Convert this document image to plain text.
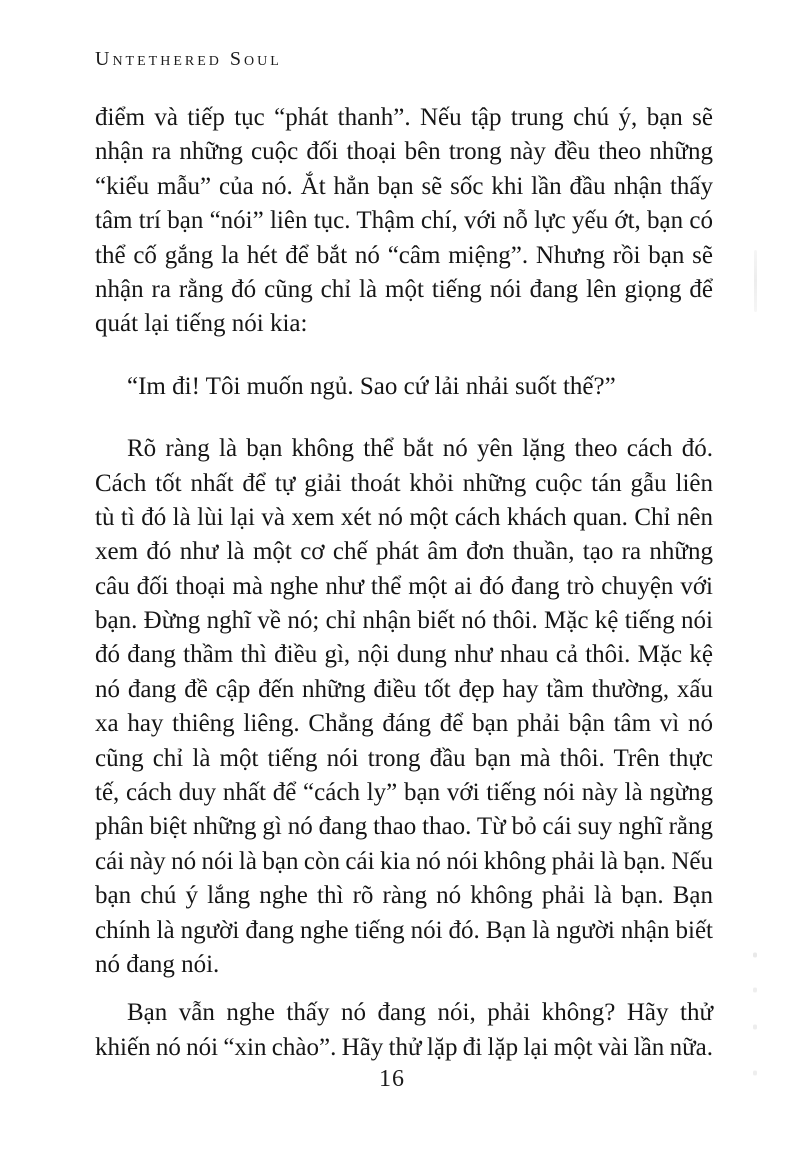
Untethered Soul
điểm và tiếp tục “phát thanh”. Nếu tập trung chú ý, bạn sẽ
nhận ra những cuộc đối thoại bên trong này đều theo những
“kiểu mẫu” của nó. Ắt hẳn bạn sẽ sốc khi lần đầu nhận thấy
tâm trí bạn “nói” liên tục. Thậm chí, với nỗ lực yếu ớt, bạn có
thể cố gắng la hét để bắt nó “câm miệng”. Nhưng rồi bạn sẽ
nhận ra rằng đó cũng chỉ là một tiếng nói đang lên giọng để
quát lại tiếng nói kia:
“Im đi! Tôi muốn ngủ. Sao cứ lải nhải suốt thế?”
Rõ ràng là bạn không thể bắt nó yên lặng theo cách đó.
Cách tốt nhất để tự giải thoát khỏi những cuộc tán gẫu liên
tù tì đó là lùi lại và xem xét nó một cách khách quan. Chỉ nên
xem đó như là một cơ chế phát âm đơn thuần, tạo ra những
câu đối thoại mà nghe như thể một ai đó đang trò chuyện với
bạn. Đừng nghĩ về nó; chỉ nhận biết nó thôi. Mặc kệ tiếng nói
đó đang thầm thì điều gì, nội dung như nhau cả thôi. Mặc kệ
nó đang đề cập đến những điều tốt đẹp hay tầm thường, xấu
xa hay thiêng liêng. Chẳng đáng để bạn phải bận tâm vì nó
cũng chỉ là một tiếng nói trong đầu bạn mà thôi. Trên thực
tế, cách duy nhất để “cách ly” bạn với tiếng nói này là ngừng
phân biệt những gì nó đang thao thao. Từ bỏ cái suy nghĩ rằng
cái này nó nói là bạn còn cái kia nó nói không phải là bạn. Nếu
bạn chú ý lắng nghe thì rõ ràng nó không phải là bạn. Bạn
chính là người đang nghe tiếng nói đó. Bạn là người nhận biết
nó đang nói.
Bạn vẫn nghe thấy nó đang nói, phải không? Hãy thử
khiến nó nói “xin chào”. Hãy thử lặp đi lặp lại một vài lần nữa.
16
